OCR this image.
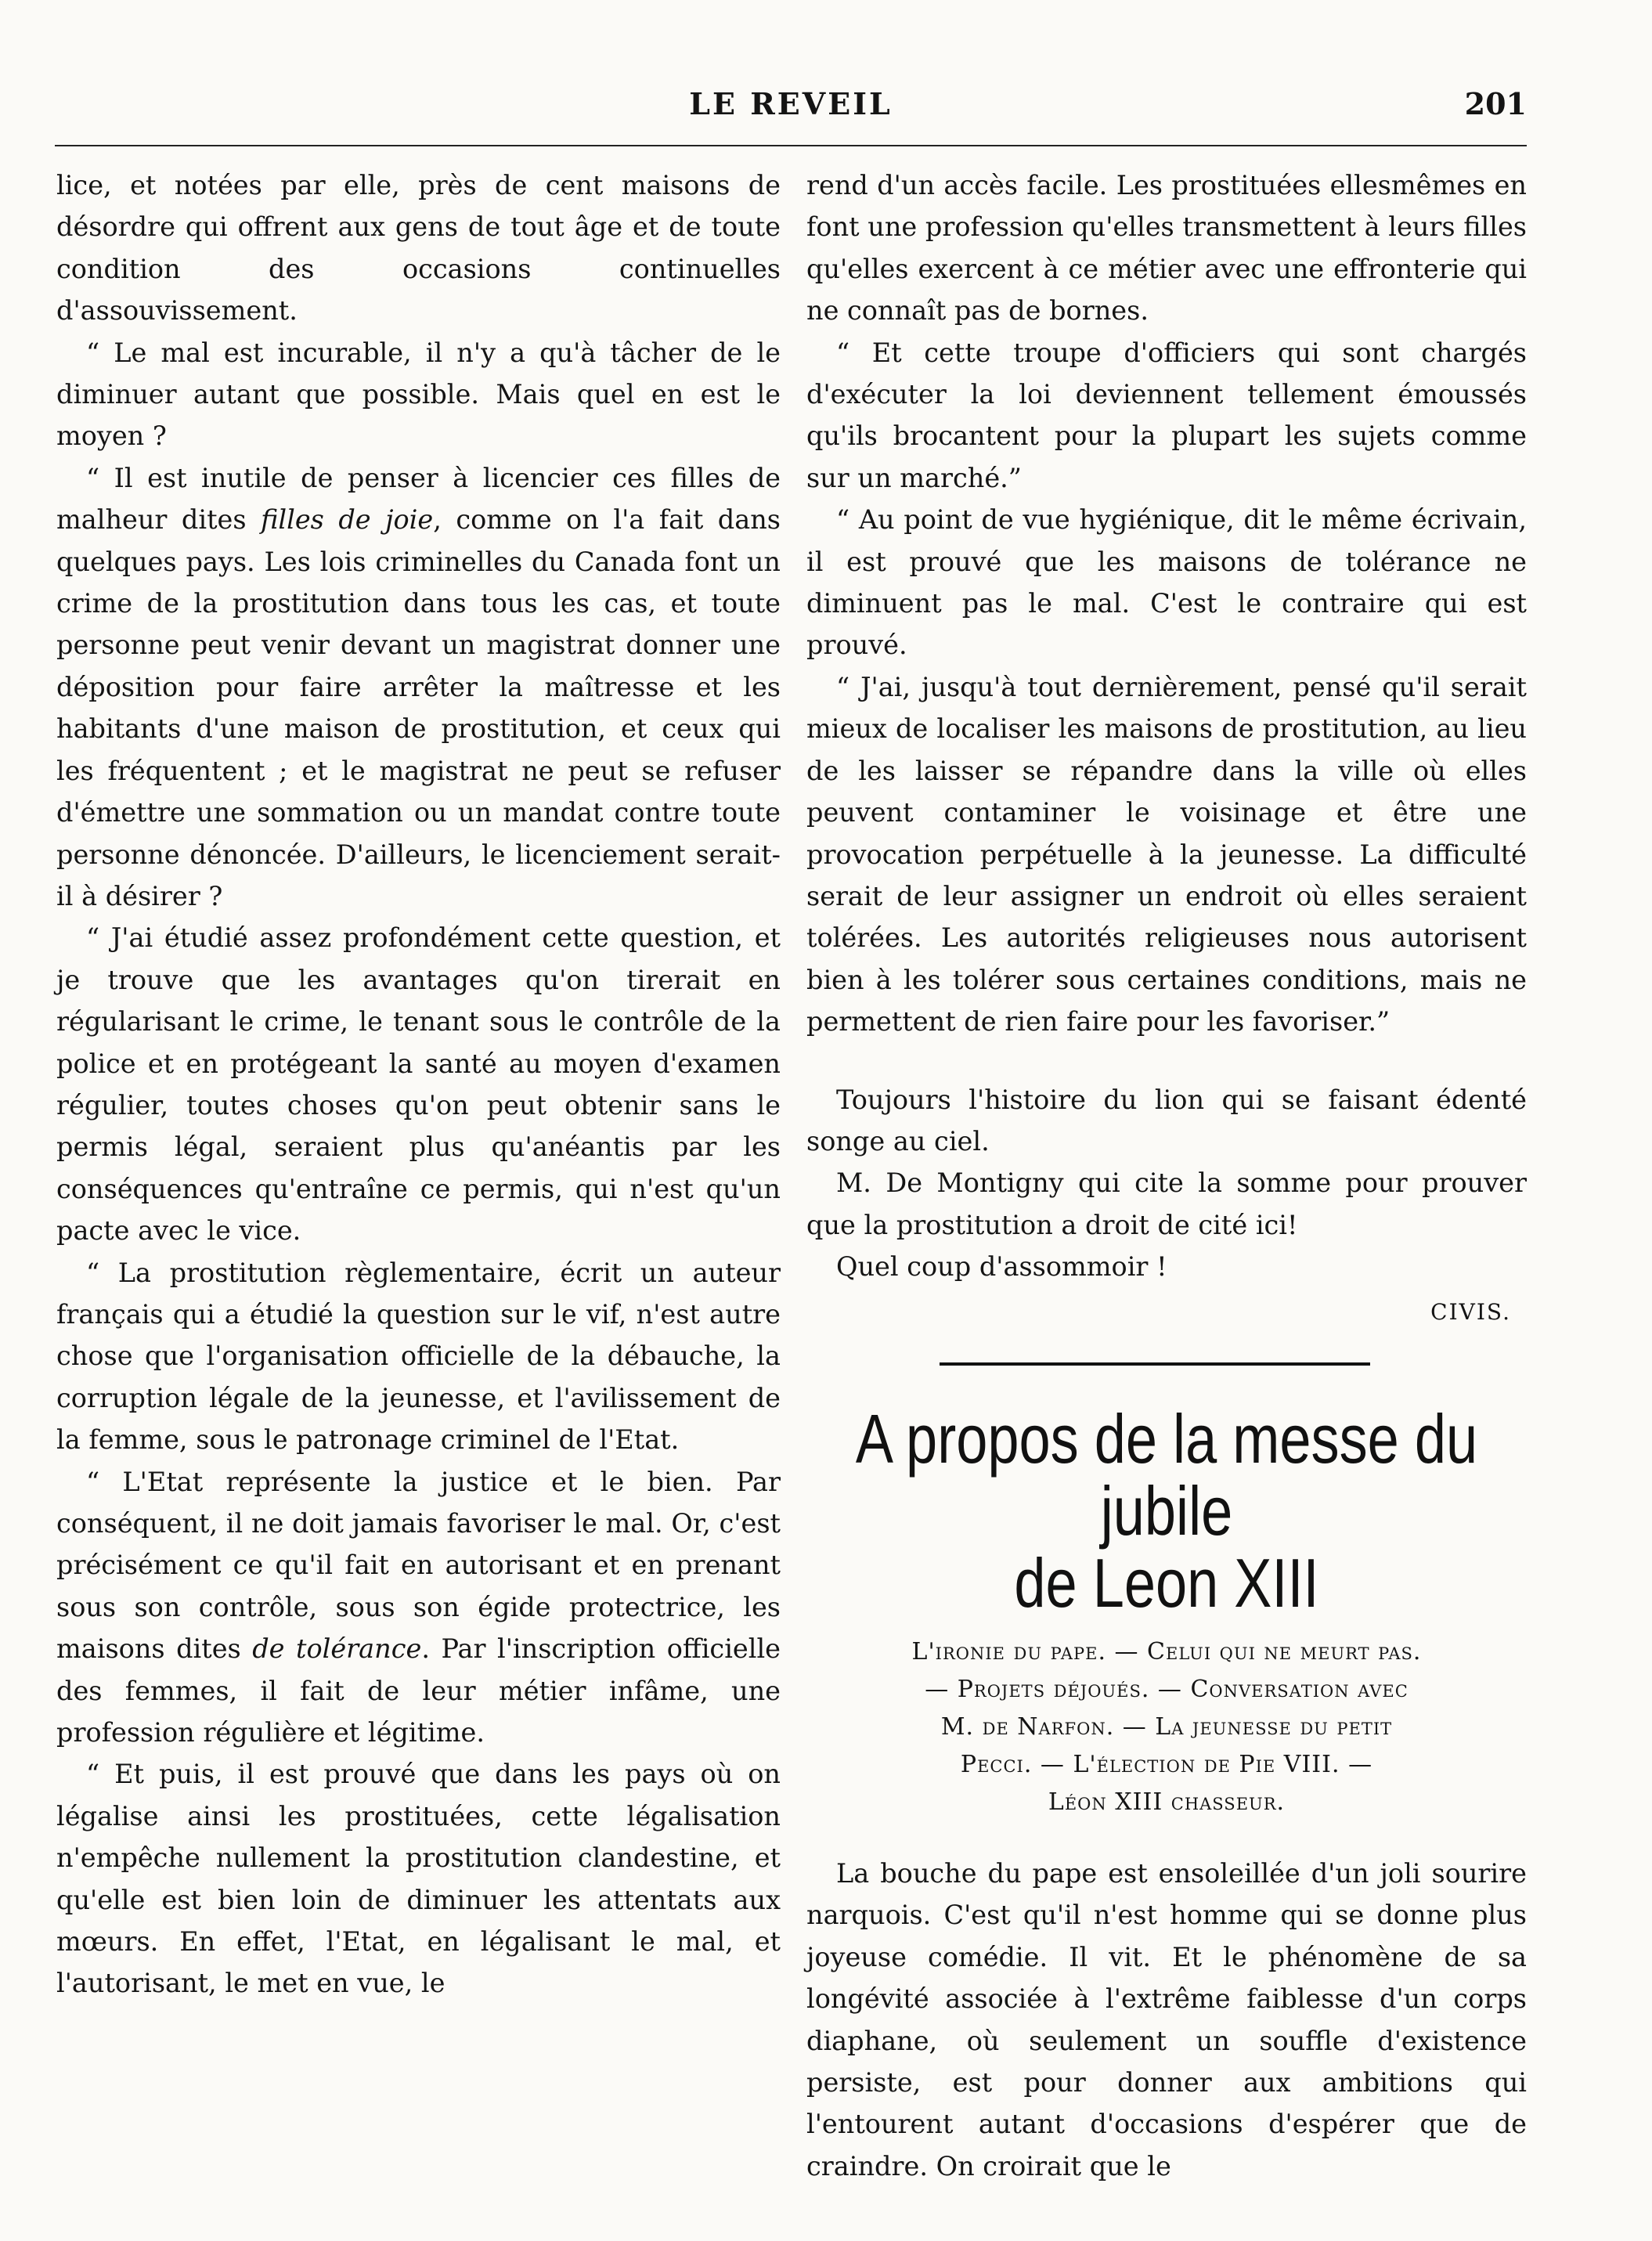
LE REVEIL	201

lice, et notées par elle, près de cent maisons de désordre qui offrent aux gens de tout âge et de toute condition des occasions continuelles d'assouvissement.

“ Le mal est incurable, il n'y a qu'à tâcher de le diminuer autant que possible. Mais quel en est le moyen ?

“ Il est inutile de penser à licencier ces filles de malheur dites filles de joie, comme on l'a fait dans quelques pays. Les lois criminelles du Canada font un crime de la prostitution dans tous les cas, et toute personne peut venir devant un magistrat donner une déposition pour faire arrêter la maîtresse et les habitants d'une maison de prostitution, et ceux qui les fréquentent ; et le magistrat ne peut se refuser d'émettre une sommation ou un mandat contre toute personne dénoncée. D'ailleurs, le licenciement serait-il à désirer ?

“ J'ai étudié assez profondément cette question, et je trouve que les avantages qu'on tirerait en régularisant le crime, le tenant sous le contrôle de la police et en protégeant la santé au moyen d'examen régulier, toutes choses qu'on peut obtenir sans le permis légal, seraient plus qu'anéantis par les conséquences qu'entraîne ce permis, qui n'est qu'un pacte avec le vice.

“ La prostitution règlementaire, écrit un auteur français qui a étudié la question sur le vif, n'est autre chose que l'organisation officielle de la débauche, la corruption légale de la jeunesse, et l'avilissement de la femme, sous le patronage criminel de l'Etat.

“ L'Etat représente la justice et le bien. Par conséquent, il ne doit jamais favoriser le mal. Or, c'est précisément ce qu'il fait en autorisant et en prenant sous son contrôle, sous son égide protectrice, les maisons dites de tolérance. Par l'inscription officielle des femmes, il fait de leur métier infâme, une profession régulière et légitime.

“ Et puis, il est prouvé que dans les pays où on légalise ainsi les prostituées, cette légalisation n'empêche nullement la prostitution clandestine, et qu'elle est bien loin de diminuer les attentats aux mœurs. En effet, l'Etat, en légalisant le mal, et l'autorisant, le met en vue, le

rend d'un accès facile. Les prostituées ellesmêmes en font une profession qu'elles transmettent à leurs filles qu'elles exercent à ce métier avec une effronterie qui ne connaît pas de bornes.

“ Et cette troupe d'officiers qui sont chargés d'exécuter la loi deviennent tellement émoussés qu'ils brocantent pour la plupart les sujets comme sur un marché.”

“ Au point de vue hygiénique, dit le même écrivain, il est prouvé que les maisons de tolérance ne diminuent pas le mal. C'est le contraire qui est prouvé.

“ J'ai, jusqu'à tout dernièrement, pensé qu'il serait mieux de localiser les maisons de prostitution, au lieu de les laisser se répandre dans la ville où elles peuvent contaminer le voisinage et être une provocation perpétuelle à la jeunesse. La difficulté serait de leur assigner un endroit où elles seraient tolérées. Les autorités religieuses nous autorisent bien à les tolérer sous certaines conditions, mais ne permettent de rien faire pour les favoriser.”

Toujours l'histoire du lion qui se faisant édenté songe au ciel.

M. De Montigny qui cite la somme pour prouver que la prostitution a droit de cité ici!

Quel coup d'assommoir !

CIVIS.
A propos de la messe du jubile
de Leon XIII
L'ironie du pape. — Celui qui ne meurt pas.
— Projets déjoués. — Conversation avec
M. de Narfon. — La jeunesse du petit
Pecci. — L'élection de Pie VIII. —
Léon XIII chasseur.

La bouche du pape est ensoleillée d'un joli sourire narquois. C'est qu'il n'est homme qui se donne plus joyeuse comédie. Il vit. Et le phénomène de sa longévité associée à l'extrême faiblesse d'un corps diaphane, où seulement un souffle d'existence persiste, est pour donner aux ambitions qui l'entourent autant d'occasions d'espérer que de craindre. On croirait que le
